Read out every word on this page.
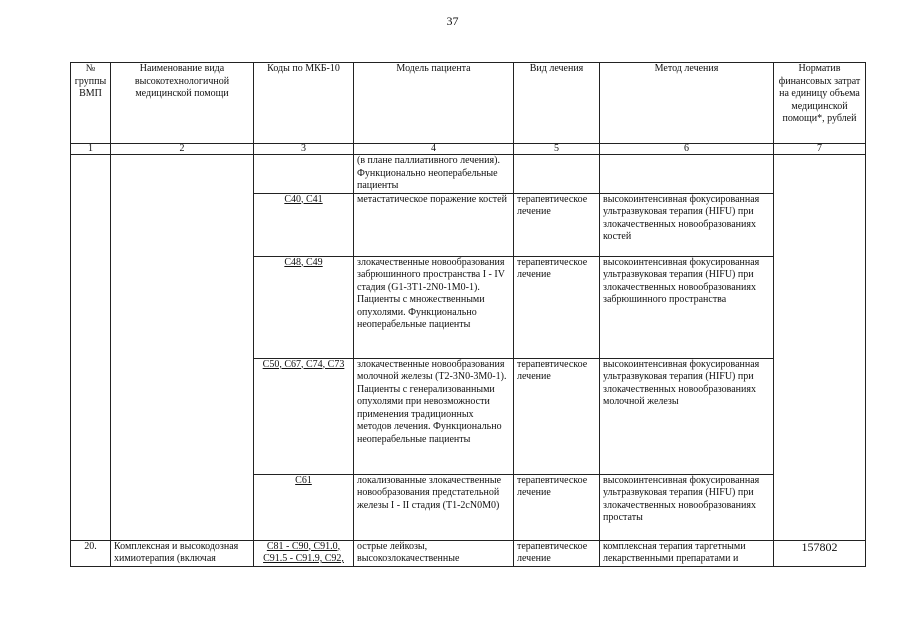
37
№ группы ВМП	Наименование вида высокотехнологичной медицинской помощи	Коды по МКБ-10	Модель пациента	Вид лечения	Метод лечения	Норматив финансовых затрат на единицу объема медицинской помощи*, рублей
1	2	3	4	5	6	7
			(в плане паллиативного лечения). Функционально неоперабельные пациенты			
		C40, C41	метастатическое поражение костей	терапевтическое лечение	высокоинтенсивная фокусированная ультразвуковая терапия (HIFU) при злокачественных новообразованиях костей	
		C48, C49	злокачественные новообразования забрюшинного пространства I - IV стадия (G1-3T1-2N0-1M0-1). Пациенты с множественными опухолями. Функционально неоперабельные пациенты	терапевтическое лечение	высокоинтенсивная фокусированная ультразвуковая терапия (HIFU) при злокачественных новообразованиях забрюшинного пространства	
		C50, C67, C74, C73	злокачественные новообразования молочной железы (T2-3N0-3M0-1). Пациенты с генерализованными опухолями при невозможности применения традиционных методов лечения. Функционально неоперабельные пациенты	терапевтическое лечение	высокоинтенсивная фокусированная ультразвуковая терапия (HIFU) при злокачественных новообразованиях молочной железы	
		C61	локализованные злокачественные новообразования предстательной железы I - II стадия (T1-2cN0M0)	терапевтическое лечение	высокоинтенсивная фокусированная ультразвуковая терапия (HIFU) при злокачественных новообразованиях простаты	
20.	Комплексная и высокодозная химиотерапия (включая	C81 - C90, C91.0, C91.5 - C91.9, C92,	острые лейкозы, высокозлокачественные	терапевтическое лечение	комплексная терапия таргетными лекарственными препаратами и	157802
